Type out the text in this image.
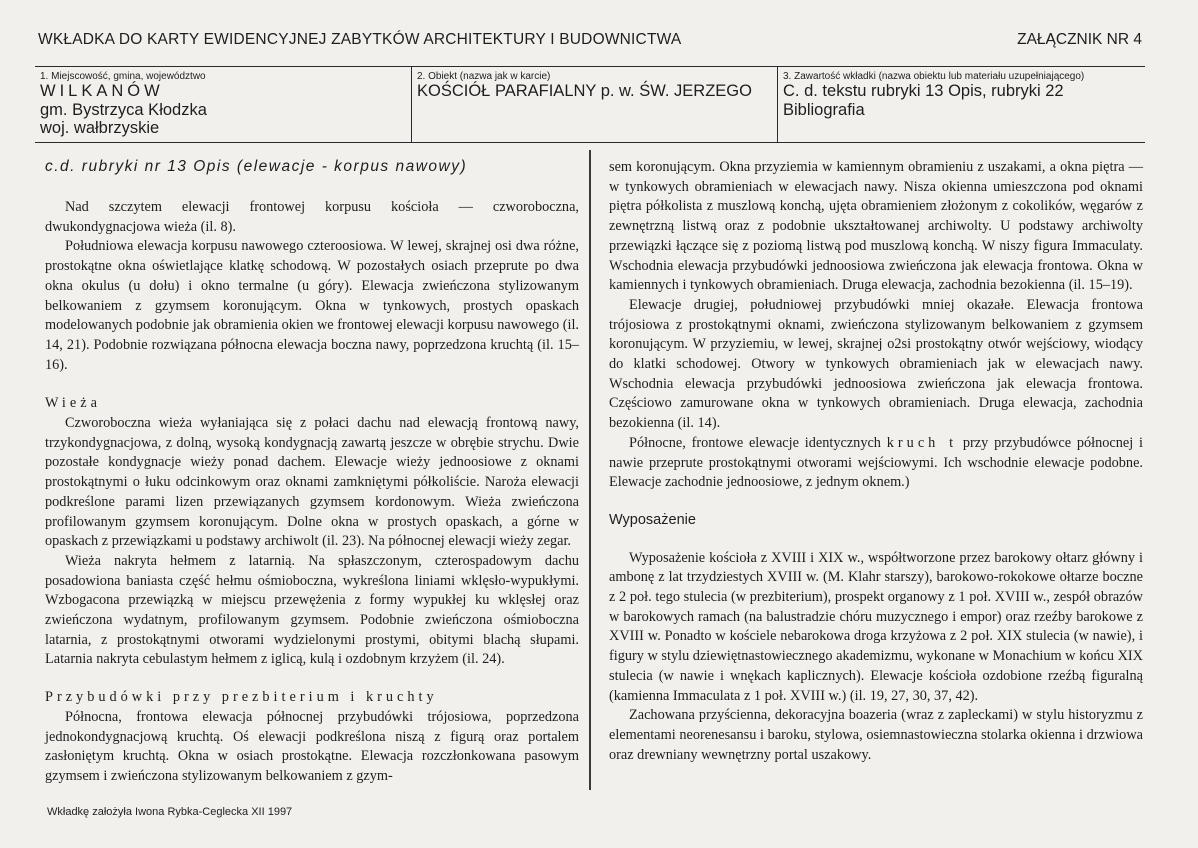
WKŁADKA DO KARTY EWIDENCYJNEJ ZABYTKÓW ARCHITEKTURY I BUDOWNICTWA	ZAŁĄCZNIK NR 4
1. Miejscowość, gmina, województwo
WILKANÓW
gm. Bystrzyca Kłodzka
woj. wałbrzyskie
2. Obiekt (nazwa jak w karcie)
KOŚCIÓŁ PARAFIALNY p. w. ŚW. JERZEGO
3. Zawartość wkładki (nazwa obiektu lub materiału uzupełniającego)
C. d. tekstu rubryki 13 Opis, rubryki 22 Bibliografia
c.d. rubryki nr 13 Opis (elewacje - korpus nawowy)

Nad szczytem elewacji frontowej korpusu kościoła — czworoboczna, dwukondygnacjowa wieża (il. 8).

Południowa elewacja korpusu nawowego czteroosiowa. W lewej, skrajnej osi dwa różne, prostokątne okna oświetlające klatkę schodową. W pozostałych osiach przeprute po dwa okna okulus (u dołu) i okno termalne (u góry). Elewacja zwieńczona stylizowanym belkowaniem z gzymsem koronującym. Okna w tynkowych, prostych opaskach modelowanych podobnie jak obramienia okien we frontowej elewacji korpusu nawowego (il. 14, 21). Podobnie rozwiązana północna elewacja boczna nawy, poprzedzona kruchtą (il. 15–16).

Wieża

Czworoboczna wieża wyłaniająca się z połaci dachu nad elewacją frontową nawy, trzykondygnacjowa, z dolną, wysoką kondygnacją zawartą jeszcze w obrębie strychu. Dwie pozostałe kondygnacje wieży ponad dachem. Elewacje wieży jednoosiowe z oknami prostokątnymi o łuku odcinkowym oraz oknami zamkniętymi półkoliście. Naroża elewacji podkreślone parami lizen przewiązanych gzymsem kordonowym. Wieża zwieńczona profilowanym gzymsem koronującym. Dolne okna w prostych opaskach, a górne w opaskach z przewiązkami u podstawy archiwolt (il. 23). Na północnej elewacji wieży zegar.

Wieża nakryta hełmem z latarnią. Na spłaszczonym, czterospadowym dachu posadowiona baniasta część hełmu ośmioboczna, wykreślona liniami wklęsło-wypukłymi. Wzbogacona przewiązką w miejscu przewężenia z formy wypukłej ku wklęsłej oraz zwieńczona wydatnym, profilowanym gzymsem. Podobnie zwieńczona ośmioboczna latarnia, z prostokątnymi otworami wydzielonymi prostymi, obitymi blachą słupami. Latarnia nakryta cebulastym hełmem z iglicą, kulą i ozdobnym krzyżem (il. 24).

Przybudówki przy prezbiterium i kruchty

Północna, frontowa elewacja północnej przybudówki trójosiowa, poprzedzona jednokondygnacjową kruchtą. Oś elewacji podkreślona niszą z figurą oraz portalem zasłoniętym kruchtą. Okna w osiach prostokątne. Elewacja rozczłonkowana pasowym gzymsem i zwieńczona stylizowanym belkowaniem z gzym-

sem koronującym. Okna przyziemia w kamiennym obramieniu z uszakami, a okna piętra — w tynkowych obramieniach w elewacjach nawy. Nisza okienna umieszczona pod oknami piętra półkolista z muszlową konchą, ujęta obramieniem złożonym z cokolików, węgarów z zewnętrzną listwą oraz z podobnie ukształtowanej archiwolty. U podstawy archiwolty przewiązki łączące się z poziomą listwą pod muszlową konchą. W niszy figura Immaculaty. Wschodnia elewacja przybudówki jednoosiowa zwieńczona jak elewacja frontowa. Okna w kamiennych i tynkowych obramieniach. Druga elewacja, zachodnia bezokienna (il. 15–19).

Elewacje drugiej, południowej przybudówki mniej okazałe. Elewacja frontowa trójosiowa z prostokątnymi oknami, zwieńczona stylizowanym belkowaniem z gzymsem koronującym. W przyziemiu, w lewej, skrajnej o2si prostokątny otwór wejściowy, wiodący do klatki schodowej. Otwory w tynkowych obramieniach jak w elewacjach nawy. Wschodnia elewacja przybudówki jednoosiowa zwieńczona jak elewacja frontowa. Częściowo zamurowane okna w tynkowych obramieniach. Druga elewacja, zachodnia bezokienna (il. 14).

Północne, frontowe elewacje identycznych kruch t przy przybudówce północnej i nawie przeprute prostokątnymi otworami wejściowymi. Ich wschodnie elewacje podobne. Elewacje zachodnie jednoosiowe, z jednym oknem.)

Wyposażenie

Wyposażenie kościoła z XVIII i XIX w., współtworzone przez barokowy ołtarz główny i ambonę z lat trzydziestych XVIII w. (M. Klahr starszy), barokowo-rokokowe ołtarze boczne z 2 poł. tego stulecia (w prezbiterium), prospekt organowy z 1 poł. XVIII w., zespół obrazów w barokowych ramach (na balustradzie chóru muzycznego i empor) oraz rzeźby barokowe z XVIII w. Ponadto w kościele nebarokowa droga krzyżowa z 2 poł. XIX stulecia (w nawie), i figury w stylu dziewiętnastowiecznego akademizmu, wykonane w Monachium w końcu XIX stulecia (w nawie i wnękach kaplicznych). Elewacje kościoła ozdobione rzeźbą figuralną (kamienna Immaculata z 1 poł. XVIII w.) (il. 19, 27, 30, 37, 42).

Zachowana przyścienna, dekoracyjna boazeria (wraz z zapleckami) w stylu historyzmu z elementami neorenesansu i baroku, stylowa, osiemnastowieczna stolarka okienna i drzwiowa oraz drewniany wewnętrzny portal uszakowy.

Wkładkę założyła Iwona Rybka-Ceglecka XII 1997
